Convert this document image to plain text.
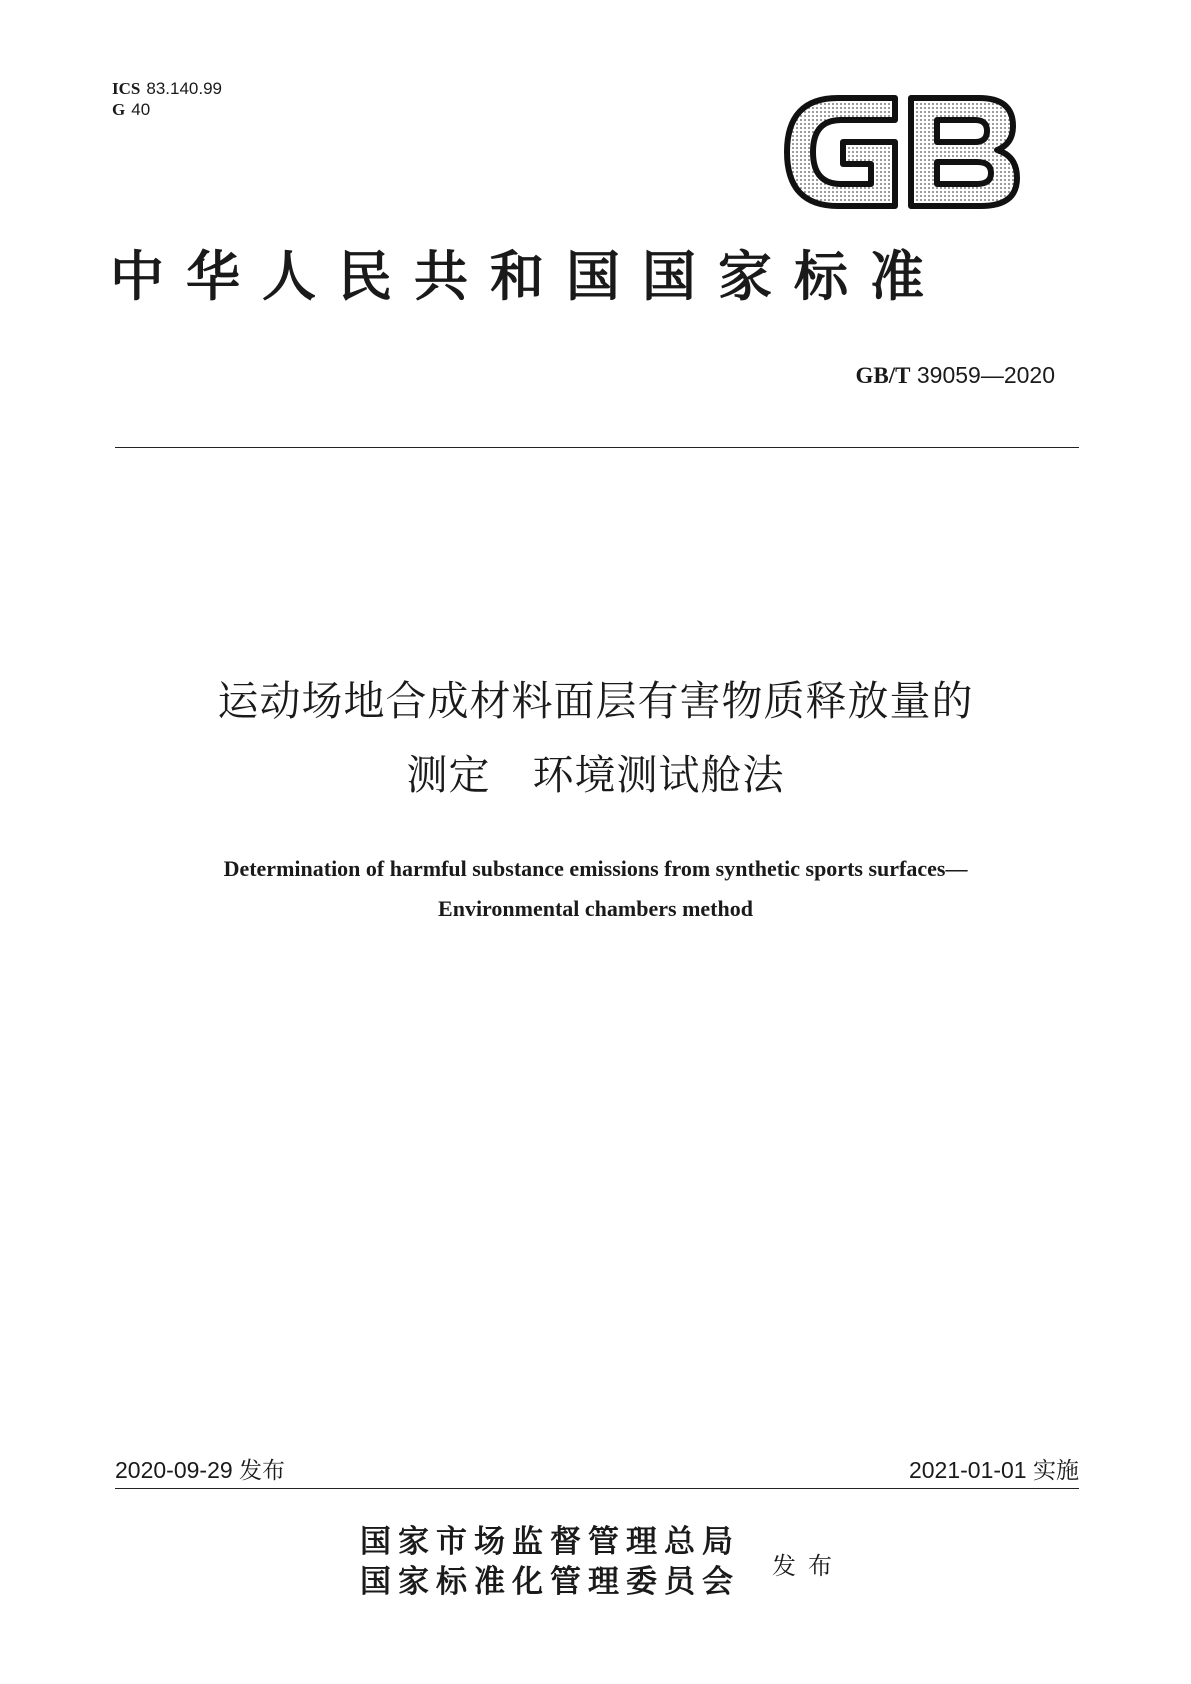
ICS 83.140.99
G 40
中华人民共和国国家标准
GB/T 39059—2020
运动场地合成材料面层有害物质释放量的
测定　环境测试舱法
Determination of harmful substance emissions from synthetic sports surfaces—
Environmental chambers method
2020-09-29 发布	2021-01-01 实施
国家市场监督管理总局
国家标准化管理委员会 发布
